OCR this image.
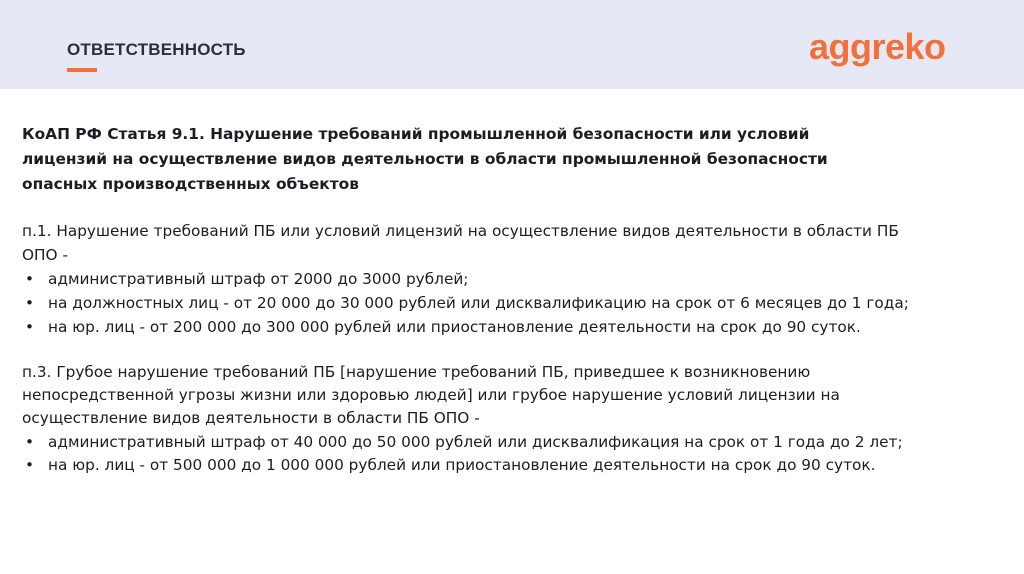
ОТВЕТСТВЕННОСТЬ	aggreko
КоАП РФ Статья 9.1. Нарушение требований промышленной безопасности или условий
лицензий на осуществление видов деятельности в области промышленной безопасности
опасных производственных объектов
п.1. Нарушение требований ПБ или условий лицензий на осуществление видов деятельности в области ПБ
ОПО -
• административный штраф от 2000 до 3000 рублей;
• на должностных лиц - от 20 000 до 30 000 рублей или дисквалификацию на срок от 6 месяцев до 1 года;
• на юр. лиц - от 200 000 до 300 000 рублей или приостановление деятельности на срок до 90 суток.
п.3. Грубое нарушение требований ПБ [нарушение требований ПБ, приведшее к возникновению
непосредственной угрозы жизни или здоровью людей] или грубое нарушение условий лицензии на
осуществление видов деятельности в области ПБ ОПО -
• административный штраф от 40 000 до 50 000 рублей или дисквалификация на срок от 1 года до 2 лет;
• на юр. лиц - от 500 000 до 1 000 000 рублей или приостановление деятельности на срок до 90 суток.
